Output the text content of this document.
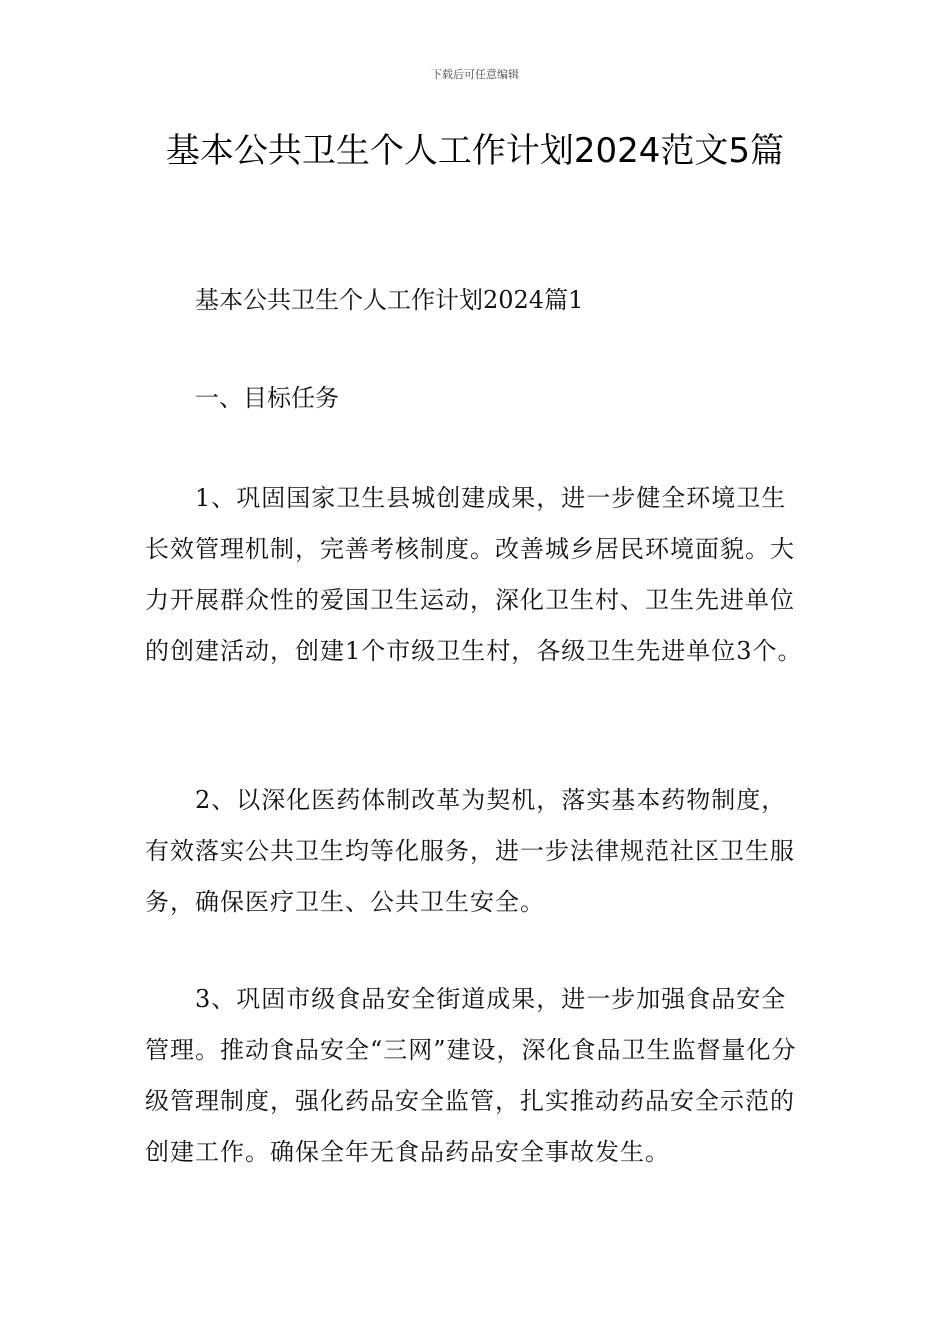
下载后可任意编辑
基本公共卫生个人工作计划2024范文5篇
基本公共卫生个人工作计划2024篇1
一、目标任务
1、巩固国家卫生县城创建成果，进一步健全环境卫生长效管理机制，完善考核制度。改善城乡居民环境面貌。大力开展群众性的爱国卫生运动，深化卫生村、卫生先进单位的创建活动，创建1个市级卫生村，各级卫生先进单位3个。
2、以深化医药体制改革为契机，落实基本药物制度，有效落实公共卫生均等化服务，进一步法律规范社区卫生服务，确保医疗卫生、公共卫生安全。
3、巩固市级食品安全街道成果，进一步加强食品安全管理。推动食品安全“三网”建设，深化食品卫生监督量化分级管理制度，强化药品安全监管，扎实推动药品安全示范的创建工作。确保全年无食品药品安全事故发生。
